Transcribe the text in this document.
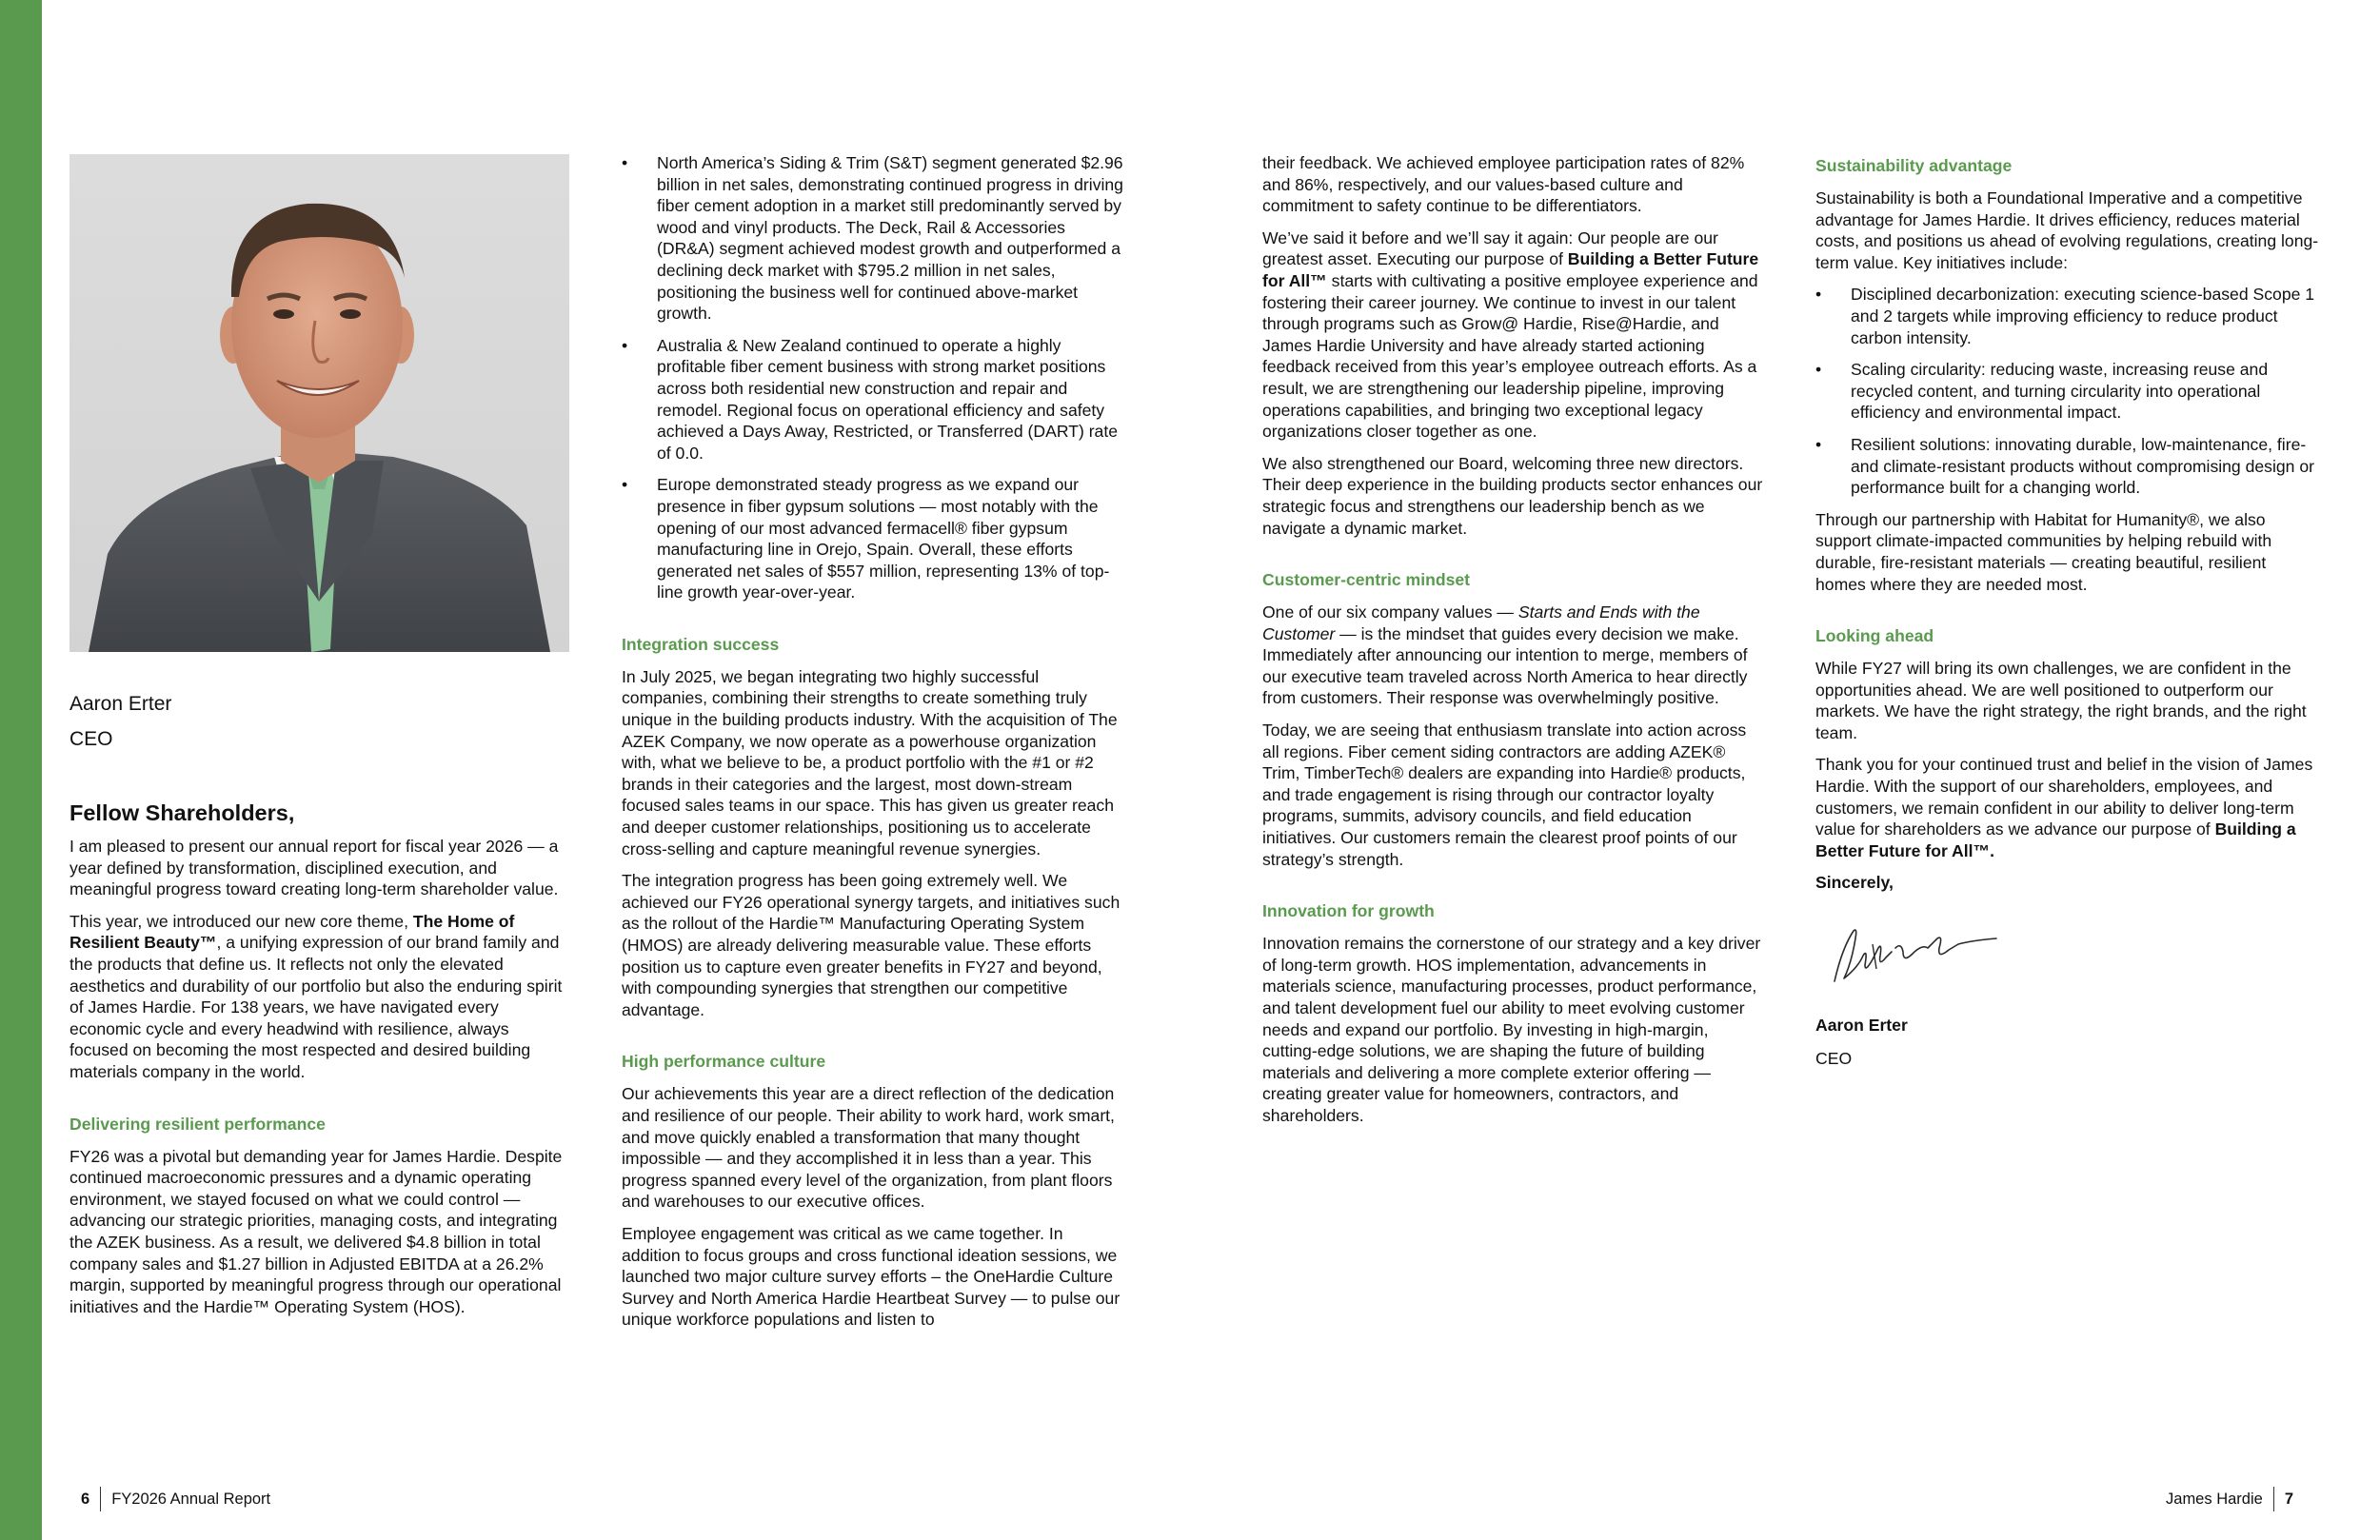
Aaron Erter
CEO
Fellow Shareholders,

I am pleased to present our annual report for fiscal year 2026 — a year defined by transformation, disciplined execution, and meaningful progress toward creating long-term shareholder value.

This year, we introduced our new core theme, The Home of Resilient Beauty™, a unifying expression of our brand family and the products that define us. It reflects not only the elevated aesthetics and durability of our portfolio but also the enduring spirit of James Hardie. For 138 years, we have navigated every economic cycle and every headwind with resilience, always focused on becoming the most respected and desired building materials company in the world.

Delivering resilient performance

FY26 was a pivotal but demanding year for James Hardie. Despite continued macroeconomic pressures and a dynamic operating environment, we stayed focused on what we could control — advancing our strategic priorities, managing costs, and integrating the AZEK business. As a result, we delivered $4.8 billion in total company sales and $1.27 billion in Adjusted EBITDA at a 26.2% margin, supported by meaningful progress through our operational initiatives and the Hardie™ Operating System (HOS).

• North America’s Siding & Trim (S&T) segment generated $2.96 billion in net sales, demonstrating continued progress in driving fiber cement adoption in a market still predominantly served by wood and vinyl products. The Deck, Rail & Accessories (DR&A) segment achieved modest growth and outperformed a declining deck market with $795.2 million in net sales, positioning the business well for continued above-market growth.
• Australia & New Zealand continued to operate a highly profitable fiber cement business with strong market positions across both residential new construction and repair and remodel. Regional focus on operational efficiency and safety achieved a Days Away, Restricted, or Transferred (DART) rate of 0.0.
• Europe demonstrated steady progress as we expand our presence in fiber gypsum solutions — most notably with the opening of our most advanced fermacell® fiber gypsum manufacturing line in Orejo, Spain. Overall, these efforts generated net sales of $557 million, representing 13% of top-line growth year-over-year.
Integration success

In July 2025, we began integrating two highly successful companies, combining their strengths to create something truly unique in the building products industry. With the acquisition of The AZEK Company, we now operate as a powerhouse organization with, what we believe to be, a product portfolio with the #1 or #2 brands in their categories and the largest, most down-stream focused sales teams in our space. This has given us greater reach and deeper customer relationships, positioning us to accelerate cross-selling and capture meaningful revenue synergies.

The integration progress has been going extremely well. We achieved our FY26 operational synergy targets, and initiatives such as the rollout of the Hardie™ Manufacturing Operating System (HMOS) are already delivering measurable value. These efforts position us to capture even greater benefits in FY27 and beyond, with compounding synergies that strengthen our competitive advantage.

High performance culture

Our achievements this year are a direct reflection of the dedication and resilience of our people. Their ability to work hard, work smart, and move quickly enabled a transformation that many thought impossible — and they accomplished it in less than a year. This progress spanned every level of the organization, from plant floors and warehouses to our executive offices.

Employee engagement was critical as we came together. In addition to focus groups and cross functional ideation sessions, we launched two major culture survey efforts – the OneHardie Culture Survey and North America Hardie Heartbeat Survey — to pulse our unique workforce populations and listen to

their feedback. We achieved employee participation rates of 82% and 86%, respectively, and our values-based culture and commitment to safety continue to be differentiators.

We’ve said it before and we’ll say it again: Our people are our greatest asset. Executing our purpose of Building a Better Future for All™ starts with cultivating a positive employee experience and fostering their career journey. We continue to invest in our talent through programs such as Grow@ Hardie, Rise@Hardie, and James Hardie University and have already started actioning feedback received from this year’s employee outreach efforts. As a result, we are strengthening our leadership pipeline, improving operations capabilities, and bringing two exceptional legacy organizations closer together as one.

We also strengthened our Board, welcoming three new directors. Their deep experience in the building products sector enhances our strategic focus and strengthens our leadership bench as we navigate a dynamic market.

Customer-centric mindset

One of our six company values — Starts and Ends with the Customer — is the mindset that guides every decision we make. Immediately after announcing our intention to merge, members of our executive team traveled across North America to hear directly from customers. Their response was overwhelmingly positive.

Today, we are seeing that enthusiasm translate into action across all regions. Fiber cement siding contractors are adding AZEK® Trim, TimberTech® dealers are expanding into Hardie® products, and trade engagement is rising through our contractor loyalty programs, summits, advisory councils, and field education initiatives. Our customers remain the clearest proof points of our strategy’s strength.

Innovation for growth

Innovation remains the cornerstone of our strategy and a key driver of long-term growth. HOS implementation, advancements in materials science, manufacturing processes, product performance, and talent development fuel our ability to meet evolving customer needs and expand our portfolio. By investing in high-margin, cutting-edge solutions, we are shaping the future of building materials and delivering a more complete exterior offering — creating greater value for homeowners, contractors, and shareholders.

Sustainability advantage

Sustainability is both a Foundational Imperative and a competitive advantage for James Hardie. It drives efficiency, reduces material costs, and positions us ahead of evolving regulations, creating long-term value. Key initiatives include:

• Disciplined decarbonization: executing science-based Scope 1 and 2 targets while improving efficiency to reduce product carbon intensity.
• Scaling circularity: reducing waste, increasing reuse and recycled content, and turning circularity into operational efficiency and environmental impact.
• Resilient solutions: innovating durable, low-maintenance, fire- and climate-resistant products without compromising design or performance built for a changing world.

Through our partnership with Habitat for Humanity®, we also support climate-impacted communities by helping rebuild with durable, fire-resistant materials — creating beautiful, resilient homes where they are needed most.

Looking ahead

While FY27 will bring its own challenges, we are confident in the opportunities ahead. We are well positioned to outperform our markets. We have the right strategy, the right brands, and the right team.

Thank you for your continued trust and belief in the vision of James Hardie. With the support of our shareholders, employees, and customers, we remain confident in our ability to deliver long-term value for shareholders as we advance our purpose of Building a Better Future for All™.

Sincerely,

Aaron Erter

CEO

6 FY2026 Annual Report	James Hardie 7
